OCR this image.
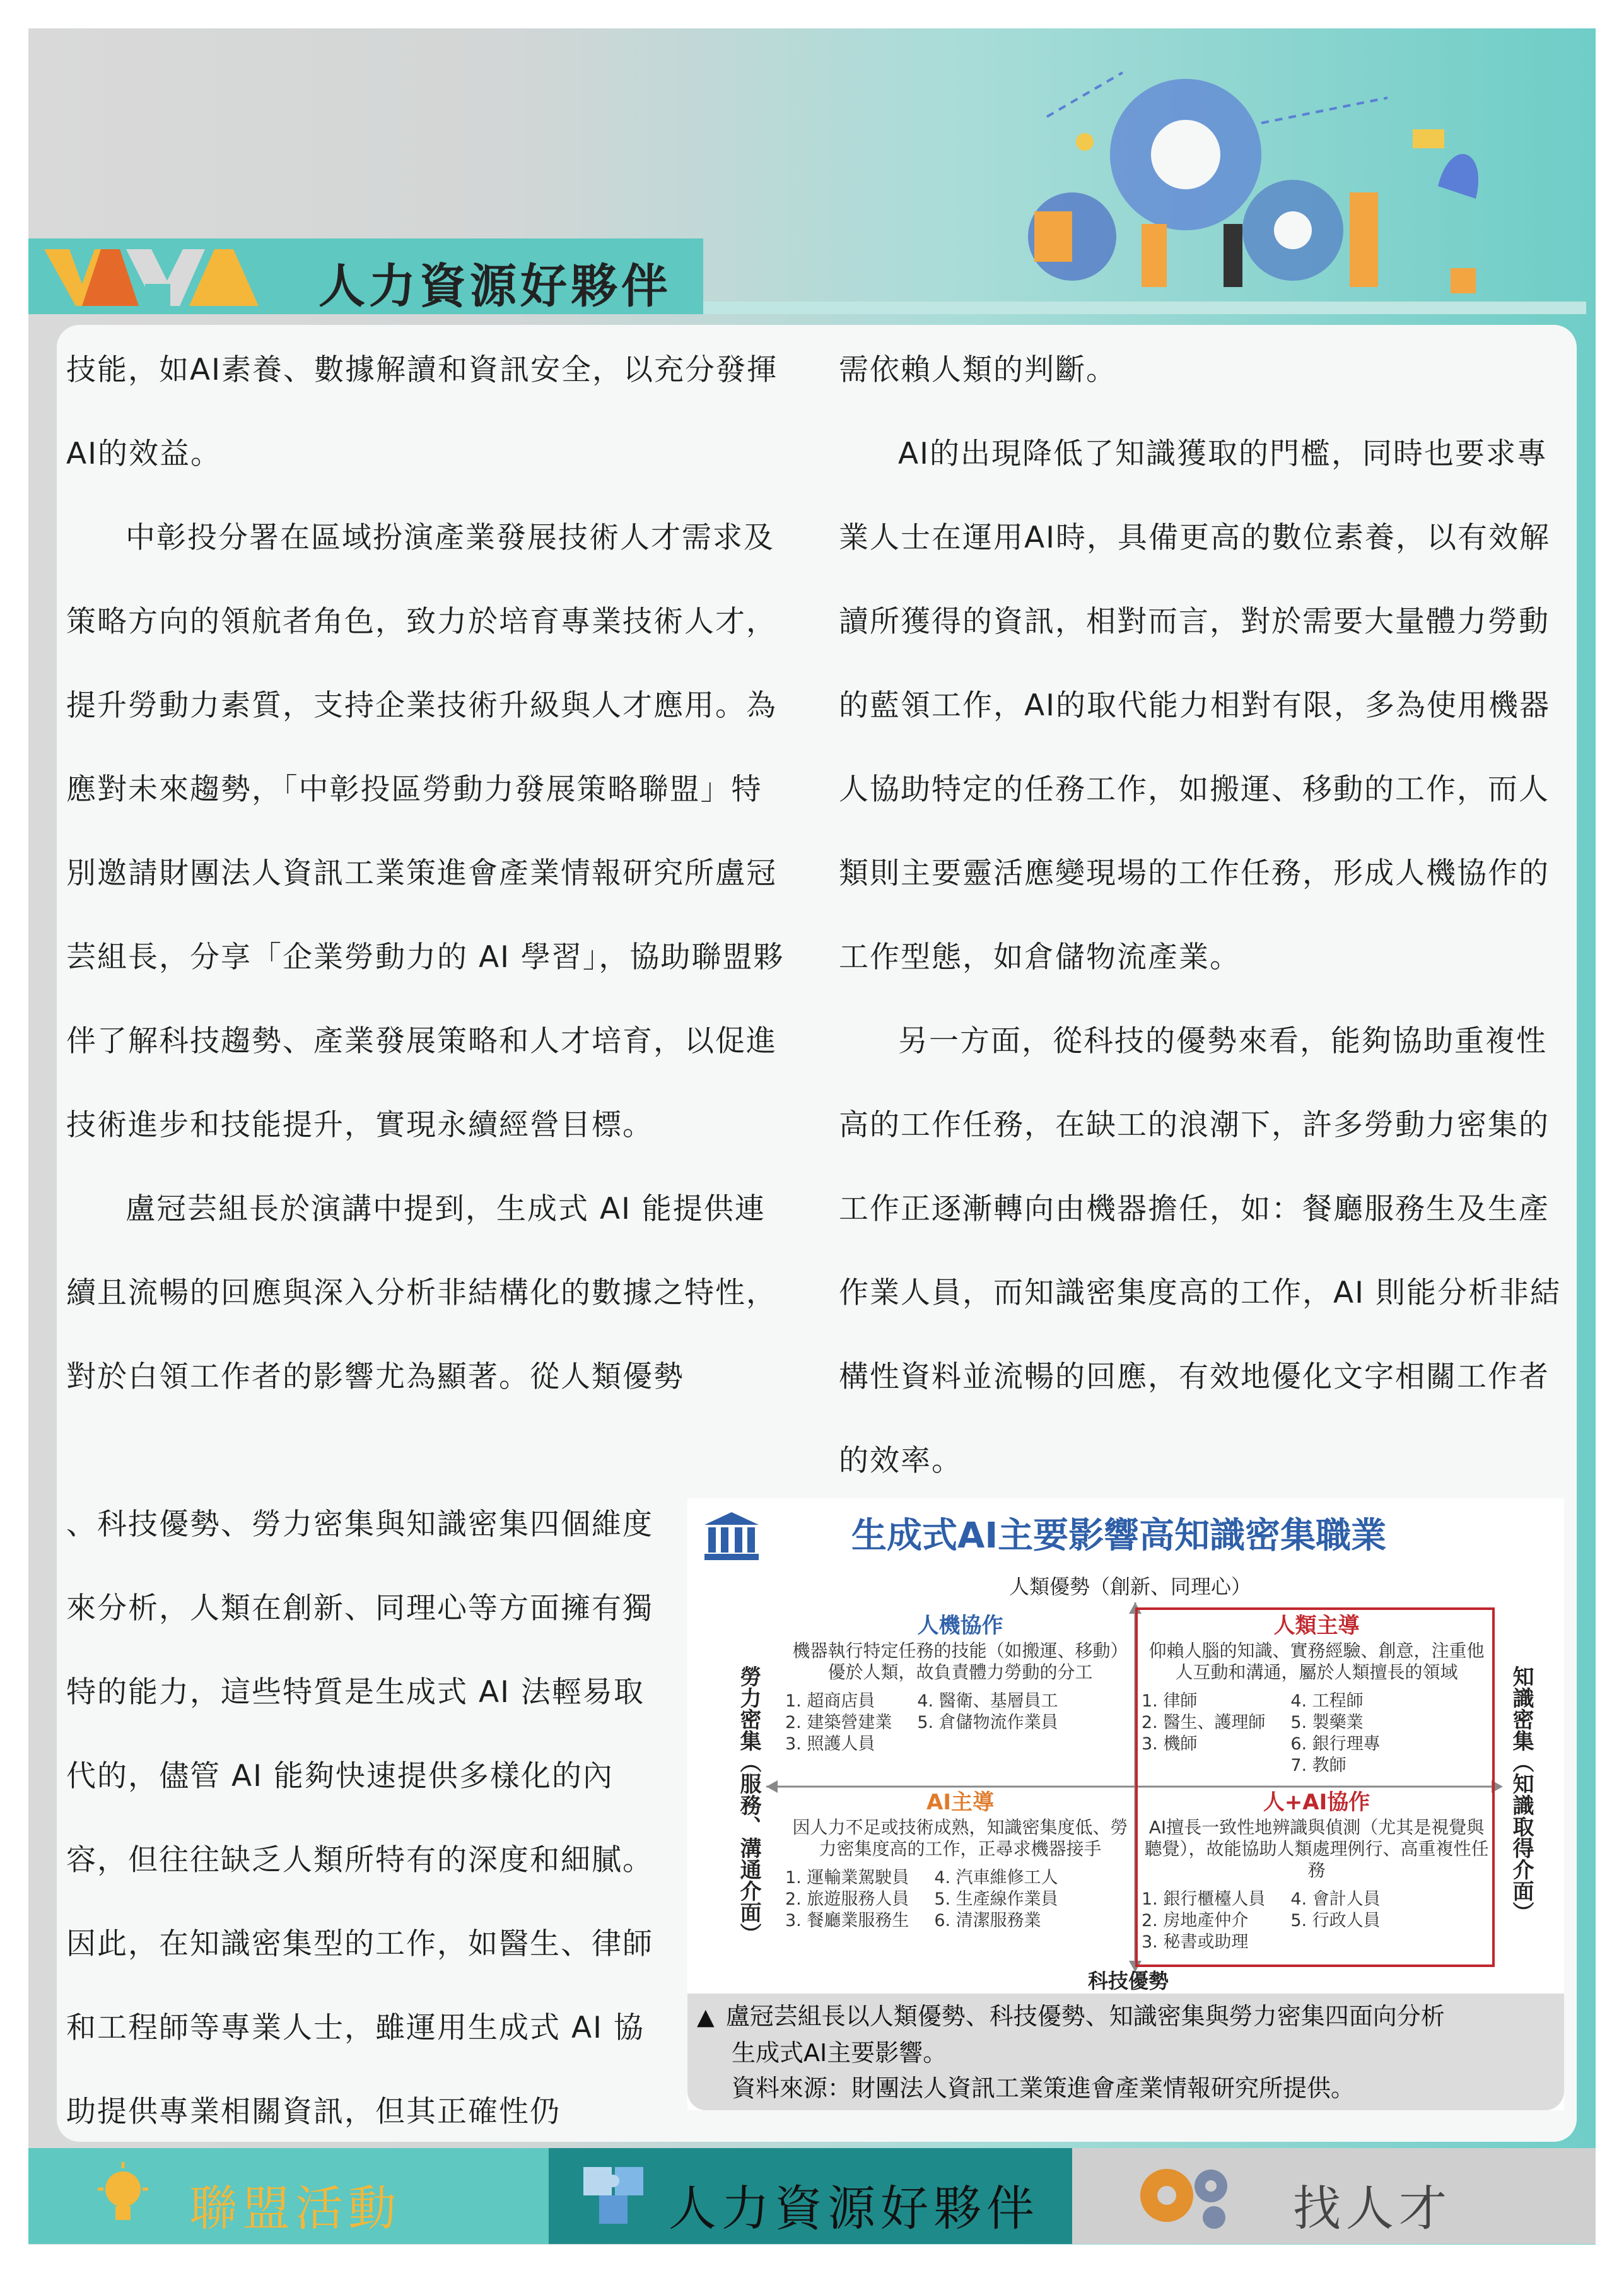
人力資源好夥伴

技能，如AI素養、數據解讀和資訊安全，以充分發揮AI的效益。

中彰投分署在區域扮演產業發展技術人才需求及策略方向的領航者角色，致力於培育專業技術人才，提升勞動力素質，支持企業技術升級與人才應用。為應對未來趨勢，「中彰投區勞動力發展策略聯盟」特別邀請財團法人資訊工業策進會產業情報研究所盧冠芸組長，分享「企業勞動力的 AI 學習」，協助聯盟夥伴了解科技趨勢、產業發展策略和人才培育，以促進技術進步和技能提升，實現永續經營目標。

盧冠芸組長於演講中提到，生成式 AI 能提供連續且流暢的回應與深入分析非結構化的數據之特性，對於白領工作者的影響尤為顯著。從人類優勢

、科技優勢、勞力密集與知識密集四個維度來分析，人類在創新、同理心等方面擁有獨特的能力，這些特質是生成式 AI 法輕易取代的，儘管 AI 能夠快速提供多樣化的內容，但往往缺乏人類所特有的深度和細膩。因此，在知識密集型的工作，如醫生、律師和工程師等專業人士，雖運用生成式 AI 協助提供專業相關資訊，但其正確性仍

需依賴人類的判斷。

AI的出現降低了知識獲取的門檻，同時也要求專業人士在運用AI時，具備更高的數位素養，以有效解讀所獲得的資訊，相對而言，對於需要大量體力勞動的藍領工作，AI的取代能力相對有限，多為使用機器人協助特定的任務工作，如搬運、移動的工作，而人類則主要靈活應變現場的工作任務，形成人機協作的工作型態，如倉儲物流產業。

另一方面，從科技的優勢來看，能夠協助重複性高的工作任務，在缺工的浪潮下，許多勞動力密集的工作正逐漸轉向由機器擔任，如：餐廳服務生及生產作業人員，而知識密集度高的工作，AI 則能分析非結構性資料並流暢的回應，有效地優化文字相關工作者的效率。

生成式AI主要影響高知識密集職業
人類優勢（創新、同理心）
勞力密集（服務、溝通介面）	知識密集（知識取得介面）
人機協作
機器執行特定任務的技能（如搬運、移動）優於人類，故負責體力勞動的分工
1. 超商店員
2. 建築營建業
3. 照護人員
4. 醫衛、基層員工
5. 倉儲物流作業員
人類主導
仰賴人腦的知識、實務經驗、創意，注重他人互動和溝通，屬於人類擅長的領域
1. 律師
2. 醫生、護理師
3. 機師
4. 工程師
5. 製藥業
6. 銀行理專
7. 教師
AI主導
因人力不足或技術成熟，知識密集度低、勞力密集度高的工作，正尋求機器接手
1. 運輸業駕駛員
2. 旅遊服務人員
3. 餐廳業服務生
4. 汽車維修工人
5. 生產線作業員
6. 清潔服務業
人+AI協作
AI擅長一致性地辨識與偵測（尤其是視覺與聽覺），故能協助人類處理例行、高重複性任務
1. 銀行櫃檯人員
2. 房地產仲介
3. 秘書或助理
4. 會計人員
5. 行政人員
科技優勢
▲ 盧冠芸組長以人類優勢、科技優勢、知識密集與勞力密集四面向分析
生成式AI主要影響。
資料來源：財團法人資訊工業策進會產業情報研究所提供。
聯盟活動	人力資源好夥伴	找人才
